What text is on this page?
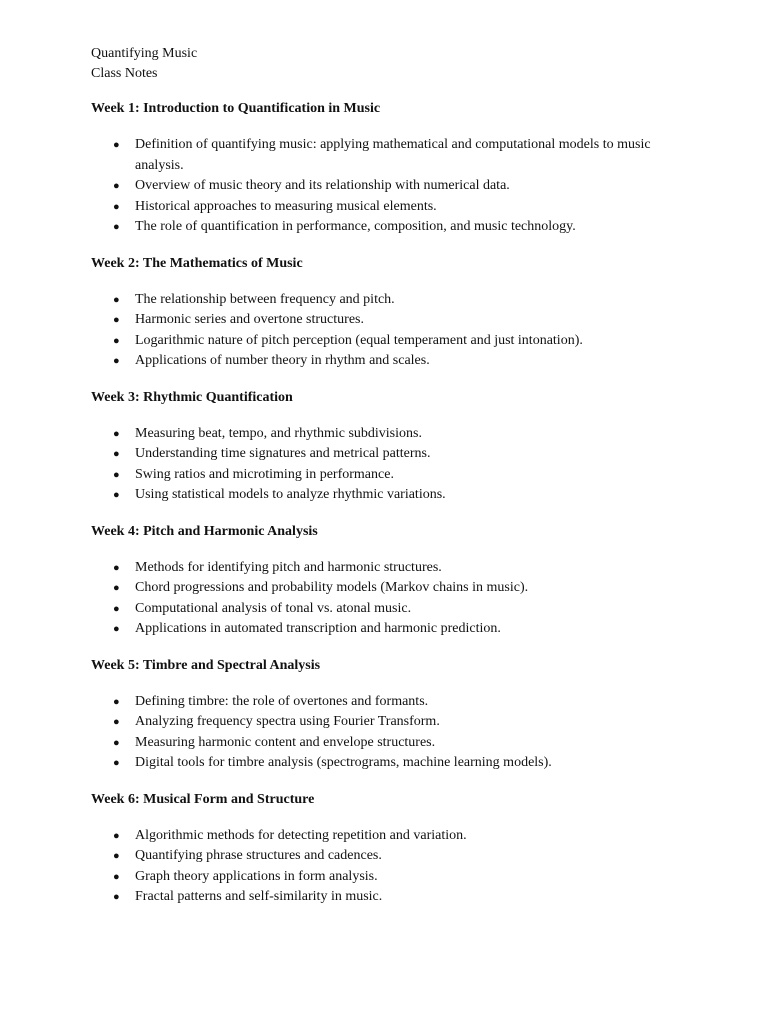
Quantifying Music
Class Notes
Week 1: Introduction to Quantification in Music
● Definition of quantifying music: applying mathematical and computational models to music analysis.
● Overview of music theory and its relationship with numerical data.
● Historical approaches to measuring musical elements.
● The role of quantification in performance, composition, and music technology.
Week 2: The Mathematics of Music
● The relationship between frequency and pitch.
● Harmonic series and overtone structures.
● Logarithmic nature of pitch perception (equal temperament and just intonation).
● Applications of number theory in rhythm and scales.
Week 3: Rhythmic Quantification
● Measuring beat, tempo, and rhythmic subdivisions.
● Understanding time signatures and metrical patterns.
● Swing ratios and microtiming in performance.
● Using statistical models to analyze rhythmic variations.
Week 4: Pitch and Harmonic Analysis
● Methods for identifying pitch and harmonic structures.
● Chord progressions and probability models (Markov chains in music).
● Computational analysis of tonal vs. atonal music.
● Applications in automated transcription and harmonic prediction.
Week 5: Timbre and Spectral Analysis
● Defining timbre: the role of overtones and formants.
● Analyzing frequency spectra using Fourier Transform.
● Measuring harmonic content and envelope structures.
● Digital tools for timbre analysis (spectrograms, machine learning models).
Week 6: Musical Form and Structure
● Algorithmic methods for detecting repetition and variation.
● Quantifying phrase structures and cadences.
● Graph theory applications in form analysis.
● Fractal patterns and self-similarity in music.
